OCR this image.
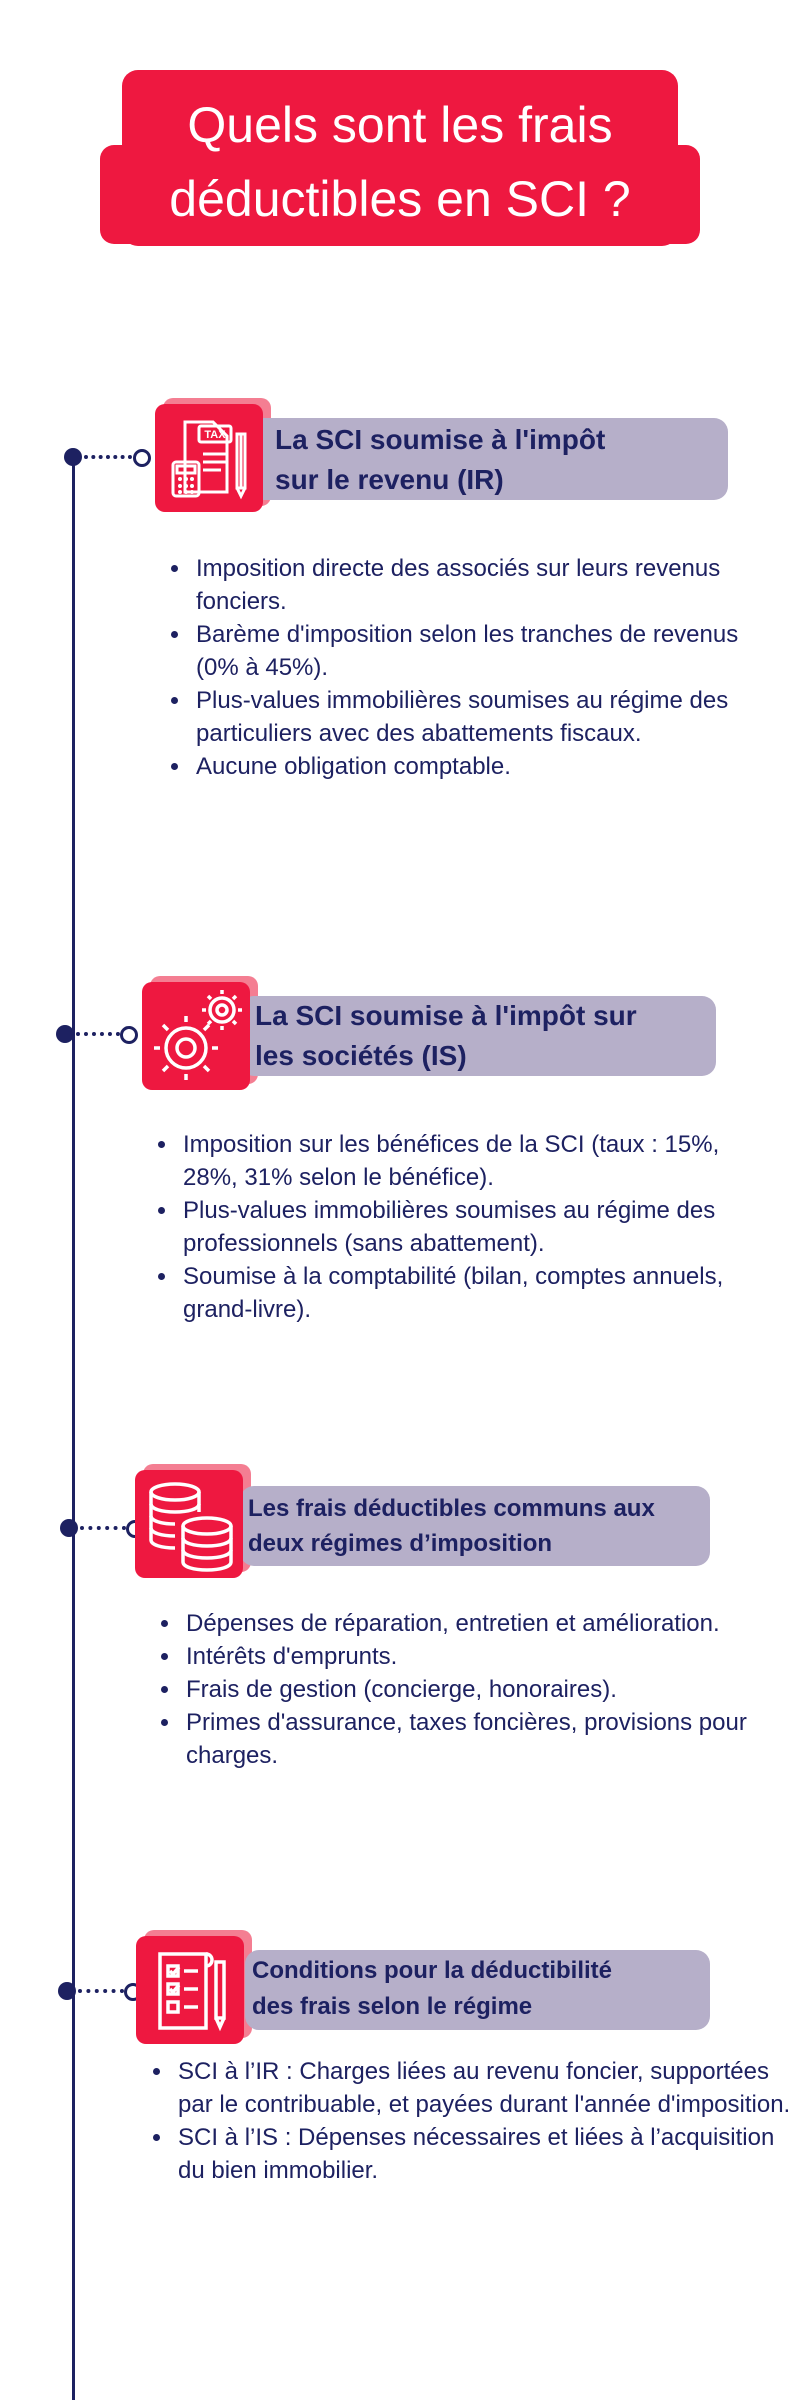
Quels sont les frais
déductibles en SCI ?
TAX La SCI soumise à l'impôt
sur le revenu (IR)
• Imposition directe des associés sur leurs revenus fonciers.
• Barème d'imposition selon les tranches de revenus (0% à 45%).
• Plus-values immobilières soumises au régime des particuliers avec des abattements fiscaux.
• Aucune obligation comptable.
La SCI soumise à l'impôt sur
les sociétés (IS)
• Imposition sur les bénéfices de la SCI (taux : 15%, 28%, 31% selon le bénéfice).
• Plus-values immobilières soumises au régime des professionnels (sans abattement).
• Soumise à la comptabilité (bilan, comptes annuels, grand-livre).
Les frais déductibles communs aux
deux régimes d’imposition
• Dépenses de réparation, entretien et amélioration.
• Intérêts d'emprunts.
• Frais de gestion (concierge, honoraires).
• Primes d'assurance, taxes foncières, provisions pour charges.
Conditions pour la déductibilité
des frais selon le régime
• SCI à l’IR : Charges liées au revenu foncier, supportées par le contribuable, et payées durant l'année d'imposition.
• SCI à l’IS : Dépenses nécessaires et liées à l’acquisition du bien immobilier.
